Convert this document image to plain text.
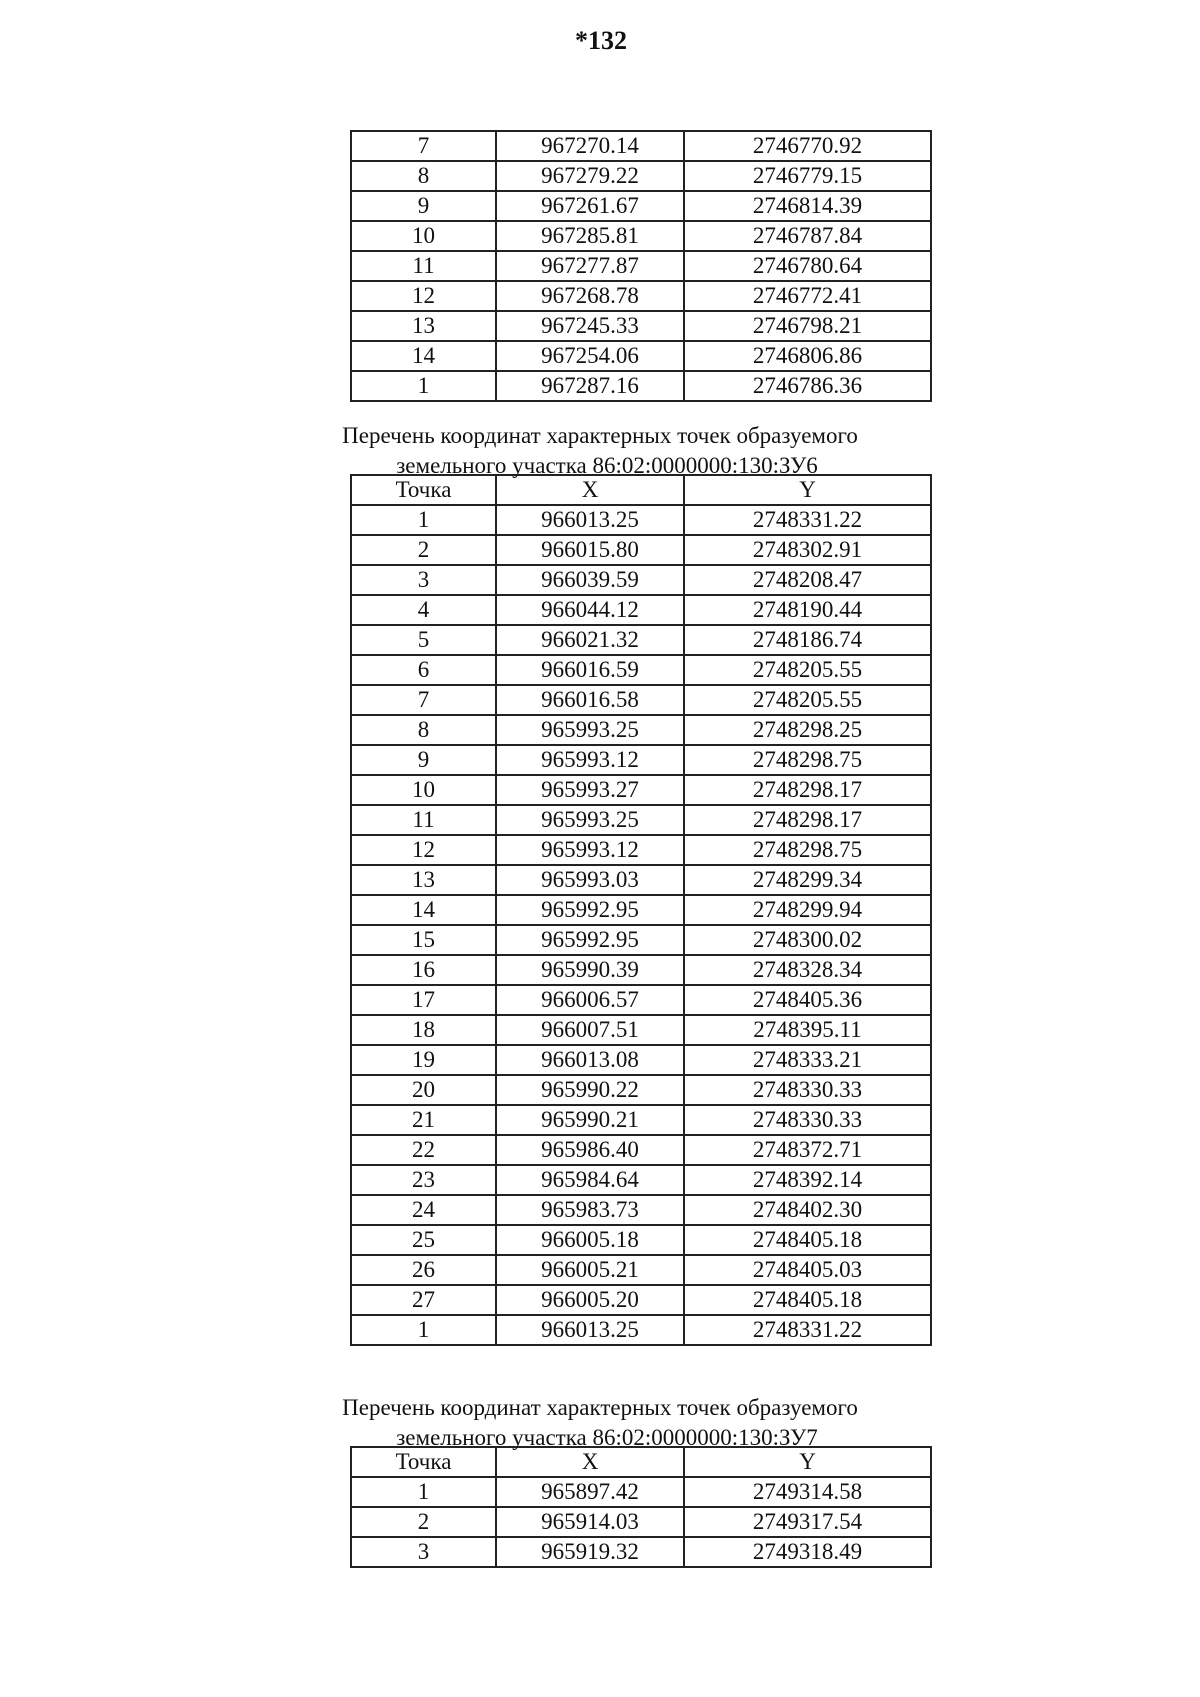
*132
7	967270.14	2746770.92
8	967279.22	2746779.15
9	967261.67	2746814.39
10	967285.81	2746787.84
11	967277.87	2746780.64
12	967268.78	2746772.41
13	967245.33	2746798.21
14	967254.06	2746806.86
1	967287.16	2746786.36
Перечень координат характерных точек образуемого
земельного участка 86:02:0000000:130:ЗУ6
Точка	X	Y
1	966013.25	2748331.22
2	966015.80	2748302.91
3	966039.59	2748208.47
4	966044.12	2748190.44
5	966021.32	2748186.74
6	966016.59	2748205.55
7	966016.58	2748205.55
8	965993.25	2748298.25
9	965993.12	2748298.75
10	965993.27	2748298.17
11	965993.25	2748298.17
12	965993.12	2748298.75
13	965993.03	2748299.34
14	965992.95	2748299.94
15	965992.95	2748300.02
16	965990.39	2748328.34
17	966006.57	2748405.36
18	966007.51	2748395.11
19	966013.08	2748333.21
20	965990.22	2748330.33
21	965990.21	2748330.33
22	965986.40	2748372.71
23	965984.64	2748392.14
24	965983.73	2748402.30
25	966005.18	2748405.18
26	966005.21	2748405.03
27	966005.20	2748405.18
1	966013.25	2748331.22
Перечень координат характерных точек образуемого
земельного участка 86:02:0000000:130:ЗУ7
Точка	X	Y
1	965897.42	2749314.58
2	965914.03	2749317.54
3	965919.32	2749318.49
